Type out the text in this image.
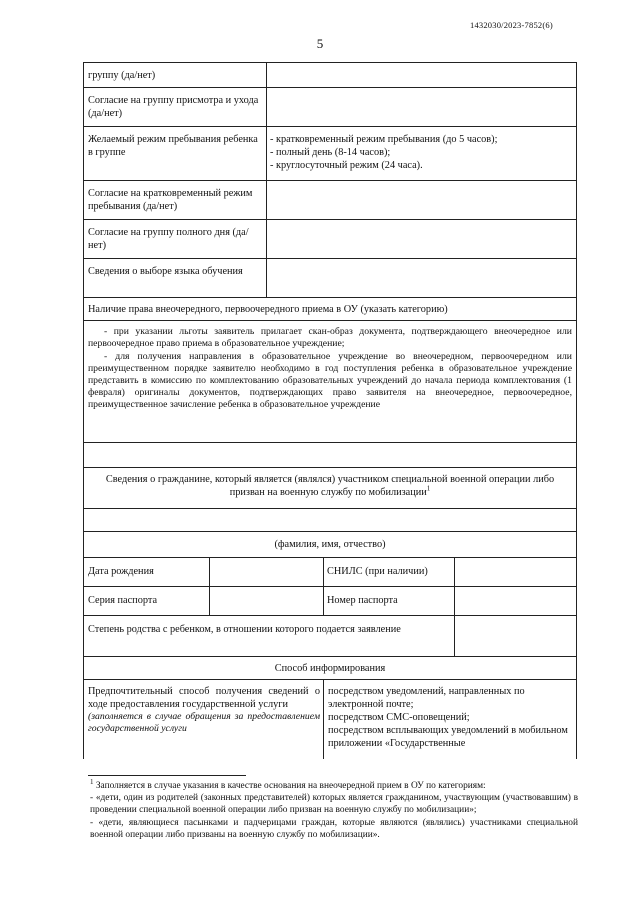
1432030/2023-7852(6)
5
группу (да/нет)
Согласие на группу присмотра и ухода (да/нет)
Желаемый режим пребывания ребенка в группе
- кратковременный режим пребывания (до 5 часов);
- полный день (8-14 часов);
- круглосуточный режим (24 часа).
Согласие на кратковременный режим пребывания (да/нет)
Согласие на группу полного дня (да/нет)
Сведения о выборе языка обучения
Наличие права внеочередного, первоочередного приема в ОУ (указать категорию)
- при указании льготы заявитель прилагает скан-образ документа, подтверждающего внеочередное или первоочередное право приема в образовательное учреждение;
- для получения направления в образовательное учреждение во внеочередном, первоочередном или преимущественном порядке заявителю необходимо в год поступления ребенка в образовательное учреждение представить в комиссию по комплектованию образовательных учреждений до начала периода комплектования (1 февраля) оригиналы документов, подтверждающих право заявителя на внеочередное, первоочередное, преимущественное зачисление ребенка в образовательное учреждение
Сведения о гражданине, который является (являлся) участником специальной военной операции либо призван на военную службу по мобилизации$^1$
(фамилия, имя, отчество)
Дата рождения	СНИЛС (при наличии)
Серия паспорта	Номер паспорта
Степень родства с ребенком, в отношении которого подается заявление
Способ информирования
Предпочтительный способ получения сведений о ходе предоставления государственной услуги
(заполняется в случае обращения за предоставлением государственной услуги
посредством уведомлений, направленных по электронной почте;
посредством СМС-оповещений;
посредством всплывающих уведомлений в мобильном приложении «Государственные
$^1$ Заполняется в случае указания в качестве основания на внеочередной прием в ОУ по категориям:
- «дети, один из родителей (законных представителей) которых является гражданином, участвующим (участвовавшим) в проведении специальной военной операции либо призван на военную службу по мобилизации»;
- «дети, являющиеся пасынками и падчерицами граждан, которые являются (являлись) участниками специальной военной операции либо призваны на военную службу по мобилизации».
